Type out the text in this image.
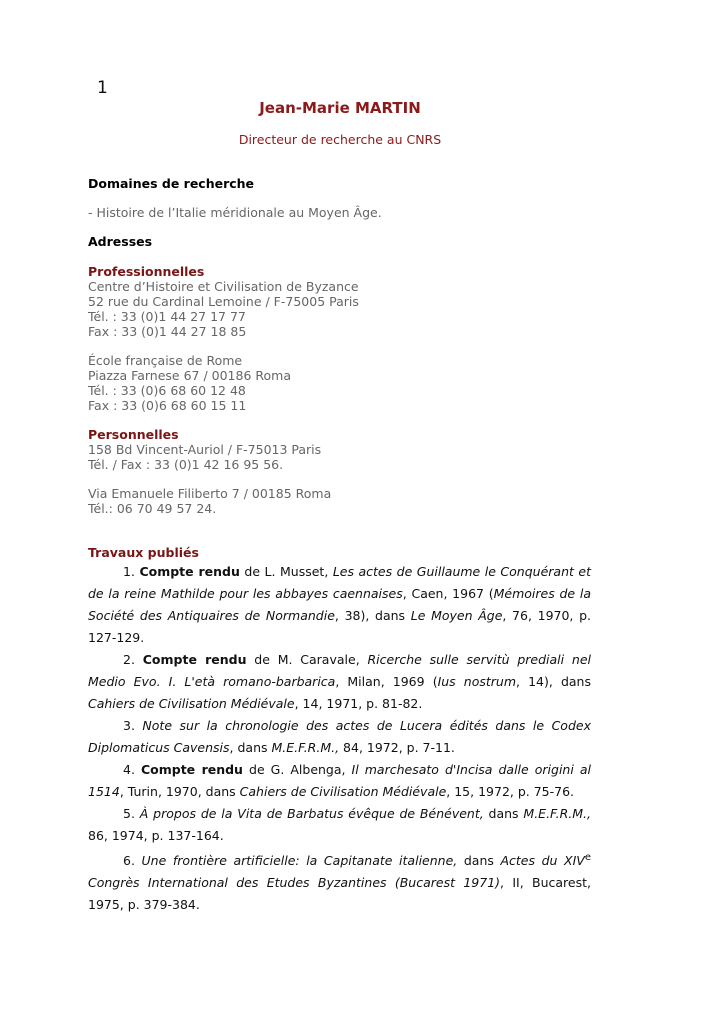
1
Jean-Marie MARTIN
Directeur de recherche au CNRS
Domaines de recherche
- Histoire de l’Italie méridionale au Moyen Âge.
Adresses
Professionnelles
Centre d’Histoire et Civilisation de Byzance
52 rue du Cardinal Lemoine / F-75005 Paris
Tél. : 33 (0)1 44 27 17 77
Fax : 33 (0)1 44 27 18 85
École française de Rome
Piazza Farnese 67 / 00186 Roma
Tél. : 33 (0)6 68 60 12 48
Fax : 33 (0)6 68 60 15 11
Personnelles
158 Bd Vincent-Auriol / F-75013 Paris
Tél. / Fax : 33 (0)1 42 16 95 56.
Via Emanuele Filiberto 7 / 00185 Roma
Tél.: 06 70 49 57 24.
Travaux publiés

1. Compte rendu de L. Musset, Les actes de Guillaume le Conquérant et de la reine Mathilde pour les abbayes caennaises, Caen, 1967 (Mémoires de la Société des Antiquaires de Normandie, 38), dans Le Moyen Âge, 76, 1970, p. 127-129.

2. Compte rendu de M. Caravale, Ricerche sulle servitù prediali nel Medio Evo. I. L'età romano-barbarica, Milan, 1969 (Ius nostrum, 14), dans Cahiers de Civilisation Médiévale, 14, 1971, p. 81-82.

3. Note sur la chronologie des actes de Lucera édités dans le Codex Diplomaticus Cavensis, dans M.E.F.R.M., 84, 1972, p. 7-11.

4. Compte rendu de G. Albenga, Il marchesato d'Incisa dalle origini al 1514, Turin, 1970, dans Cahiers de Civilisation Médiévale, 15, 1972, p. 75-76.

5. À propos de la Vita de Barbatus évêque de Bénévent, dans M.E.F.R.M., 86, 1974, p. 137-164.

6. Une frontière artificielle: la Capitanate italienne, dans Actes du XIVe Congrès International des Etudes Byzantines (Bucarest 1971), II, Bucarest, 1975, p. 379-384.
